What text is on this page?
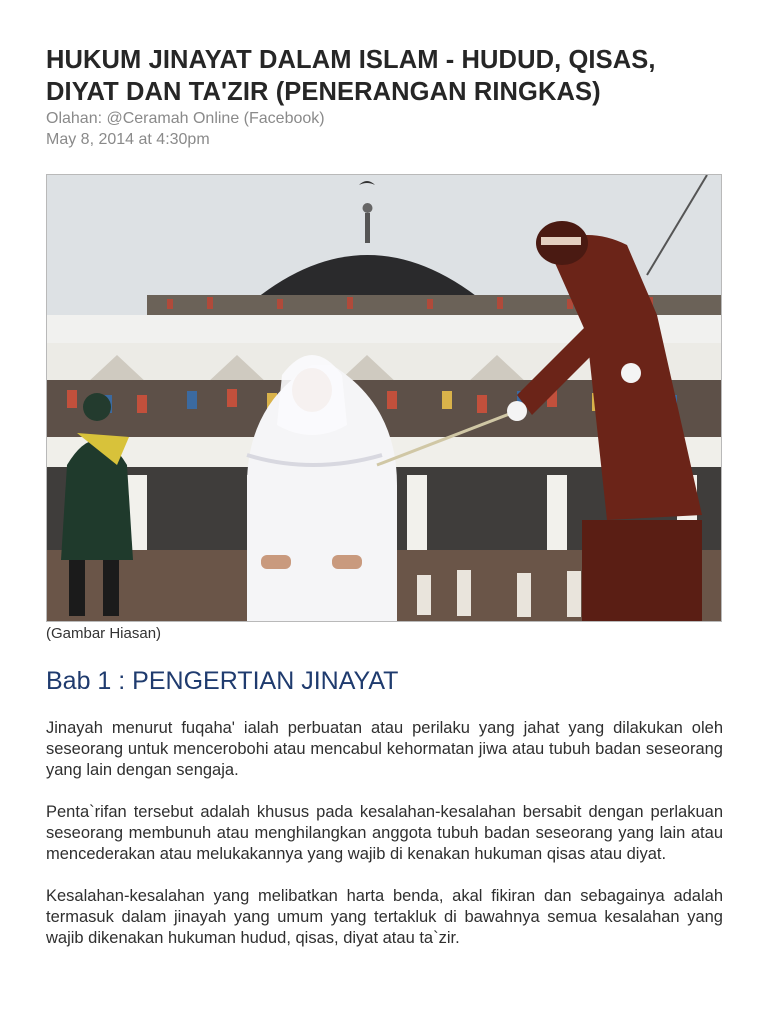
HUKUM JINAYAT DALAM ISLAM - HUDUD, QISAS, DIYAT DAN TA'ZIR (PENERANGAN RINGKAS)
Olahan: @Ceramah Online (Facebook)
May 8, 2014 at 4:30pm
(Gambar Hiasan)
Bab 1 : PENGERTIAN JINAYAT

Jinayah menurut fuqaha' ialah perbuatan atau perilaku yang jahat yang dilakukan oleh seseorang untuk mencerobohi atau mencabul kehormatan jiwa atau tubuh badan seseorang yang lain dengan sengaja.

Penta`rifan tersebut adalah khusus pada kesalahan-kesalahan bersabit dengan perlakuan seseorang membunuh atau menghilangkan anggota tubuh badan seseorang yang lain atau mencederakan atau melukakannya yang wajib di kenakan hukuman qisas atau diyat.

Kesalahan-kesalahan yang melibatkan harta benda, akal fikiran dan sebagainya adalah termasuk dalam jinayah yang umum yang tertakluk di bawahnya semua kesalahan yang wajib dikenakan hukuman hudud, qisas, diyat atau ta`zir.
